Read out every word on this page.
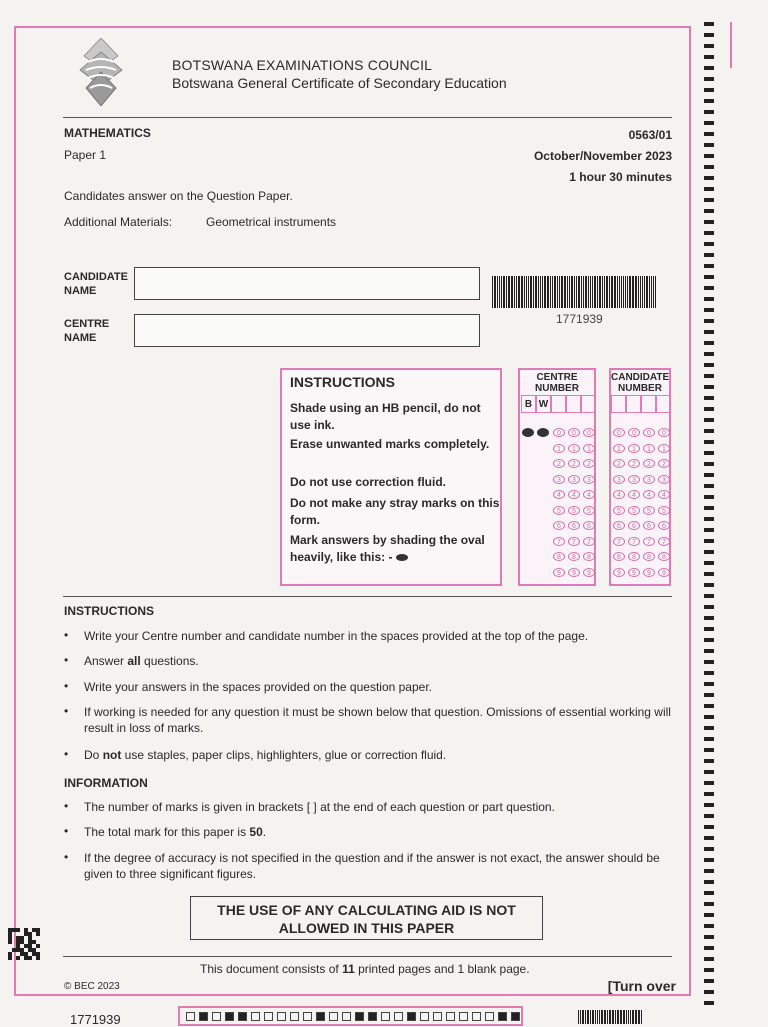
BOTSWANA EXAMINATIONS COUNCIL
Botswana General Certificate of Secondary Education
MATHEMATICS
Paper 1
0563/01
October/November 2023
1 hour 30 minutes
Candidates answer on the Question Paper.
Additional Materials:	Geometrical instruments
CANDIDATE
NAME
CENTRE
NAME
1771939
INSTRUCTIONS
Shade using an HB pencil, do not use ink.
Erase unwanted marks completely.
Do not use correction fluid.
Do not make any stray marks on this form.
Mark answers by shading the oval heavily, like this: -
CENTRE
NUMBER
B W
0
1
2
3
4
5
6
7
8
9
0
1
2
3
4
5
6
7
8
9
0
1
2
3
4
5
6
7
8
9
CANDIDATE
NUMBER
0
1
2
3
4
5
6
7
8
9
0
1
2
3
4
5
6
7
8
9
0
1
2
3
4
5
6
7
8
9
0
1
2
3
4
5
6
7
8
9
INSTRUCTIONS
• Write your Centre number and candidate number in the spaces provided at the top of the page.
• Answer all questions.
• Write your answers in the spaces provided on the question paper.
• If working is needed for any question it must be shown below that question. Omissions of essential working will result in loss of marks.
• Do not use staples, paper clips, highlighters, glue or correction fluid.
INFORMATION
• The number of marks is given in brackets [ ] at the end of each question or part question.
• The total mark for this paper is 50.
• If the degree of accuracy is not specified in the question and if the answer is not exact, the answer should be given to three significant figures.
THE USE OF ANY CALCULATING AID IS NOT
ALLOWED IN THIS PAPER
This document consists of 11 printed pages and 1 blank page.
© BEC 2023	[Turn over
1771939
